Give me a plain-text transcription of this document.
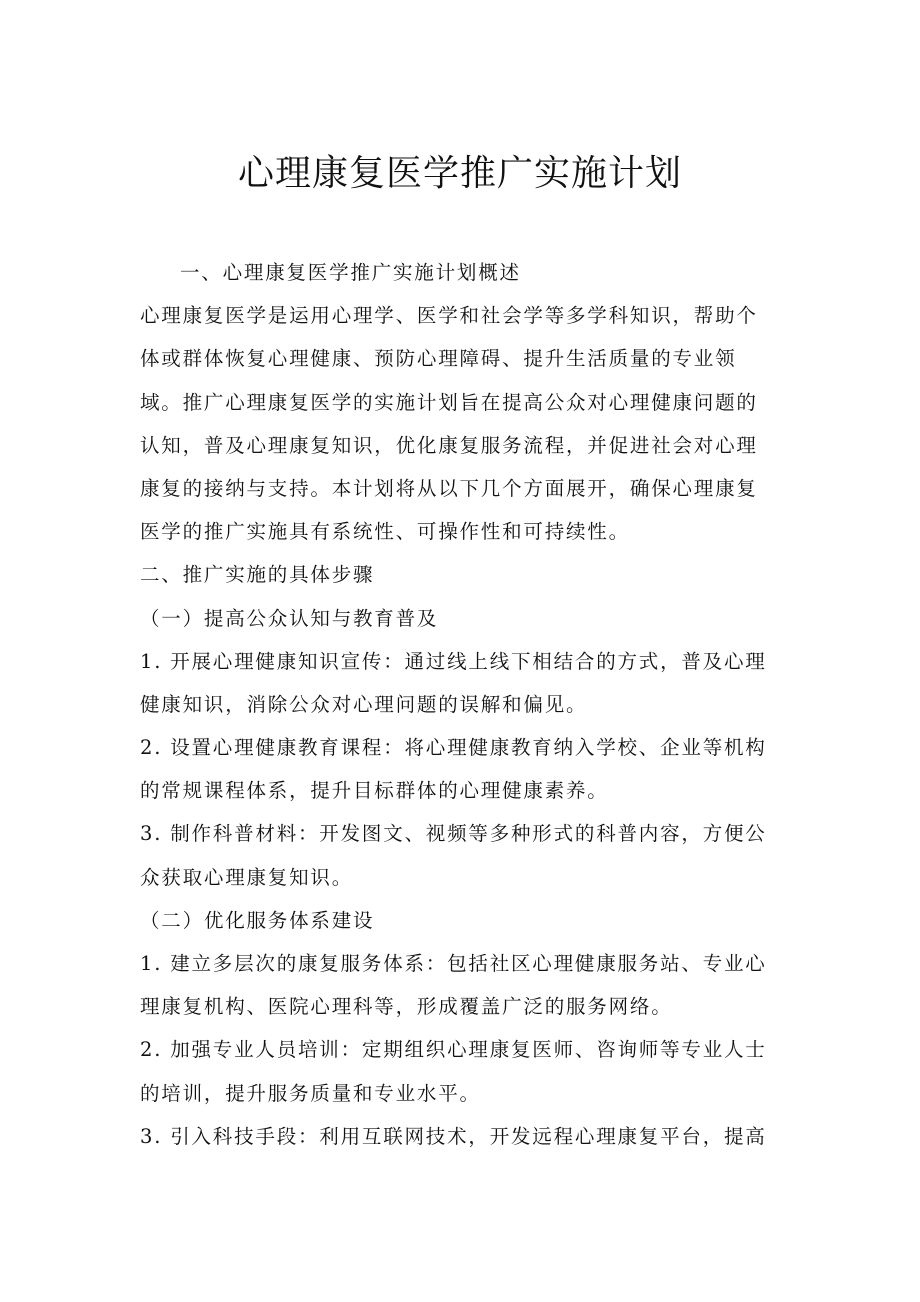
心理康复医学推广实施计划
一、心理康复医学推广实施计划概述
心理康复医学是运用心理学、医学和社会学等多学科知识，帮助个
体或群体恢复心理健康、预防心理障碍、提升生活质量的专业领
域。推广心理康复医学的实施计划旨在提高公众对心理健康问题的
认知，普及心理康复知识，优化康复服务流程，并促进社会对心理
康复的接纳与支持。本计划将从以下几个方面展开，确保心理康复
医学的推广实施具有系统性、可操作性和可持续性。
二、推广实施的具体步骤
（一）提高公众认知与教育普及
1. 开展心理健康知识宣传：通过线上线下相结合的方式，普及心理
健康知识，消除公众对心理问题的误解和偏见。
2. 设置心理健康教育课程：将心理健康教育纳入学校、企业等机构
的常规课程体系，提升目标群体的心理健康素养。
3. 制作科普材料：开发图文、视频等多种形式的科普内容，方便公
众获取心理康复知识。
（二）优化服务体系建设
1. 建立多层次的康复服务体系：包括社区心理健康服务站、专业心
理康复机构、医院心理科等，形成覆盖广泛的服务网络。
2. 加强专业人员培训：定期组织心理康复医师、咨询师等专业人士
的培训，提升服务质量和专业水平。
3. 引入科技手段：利用互联网技术，开发远程心理康复平台，提高
